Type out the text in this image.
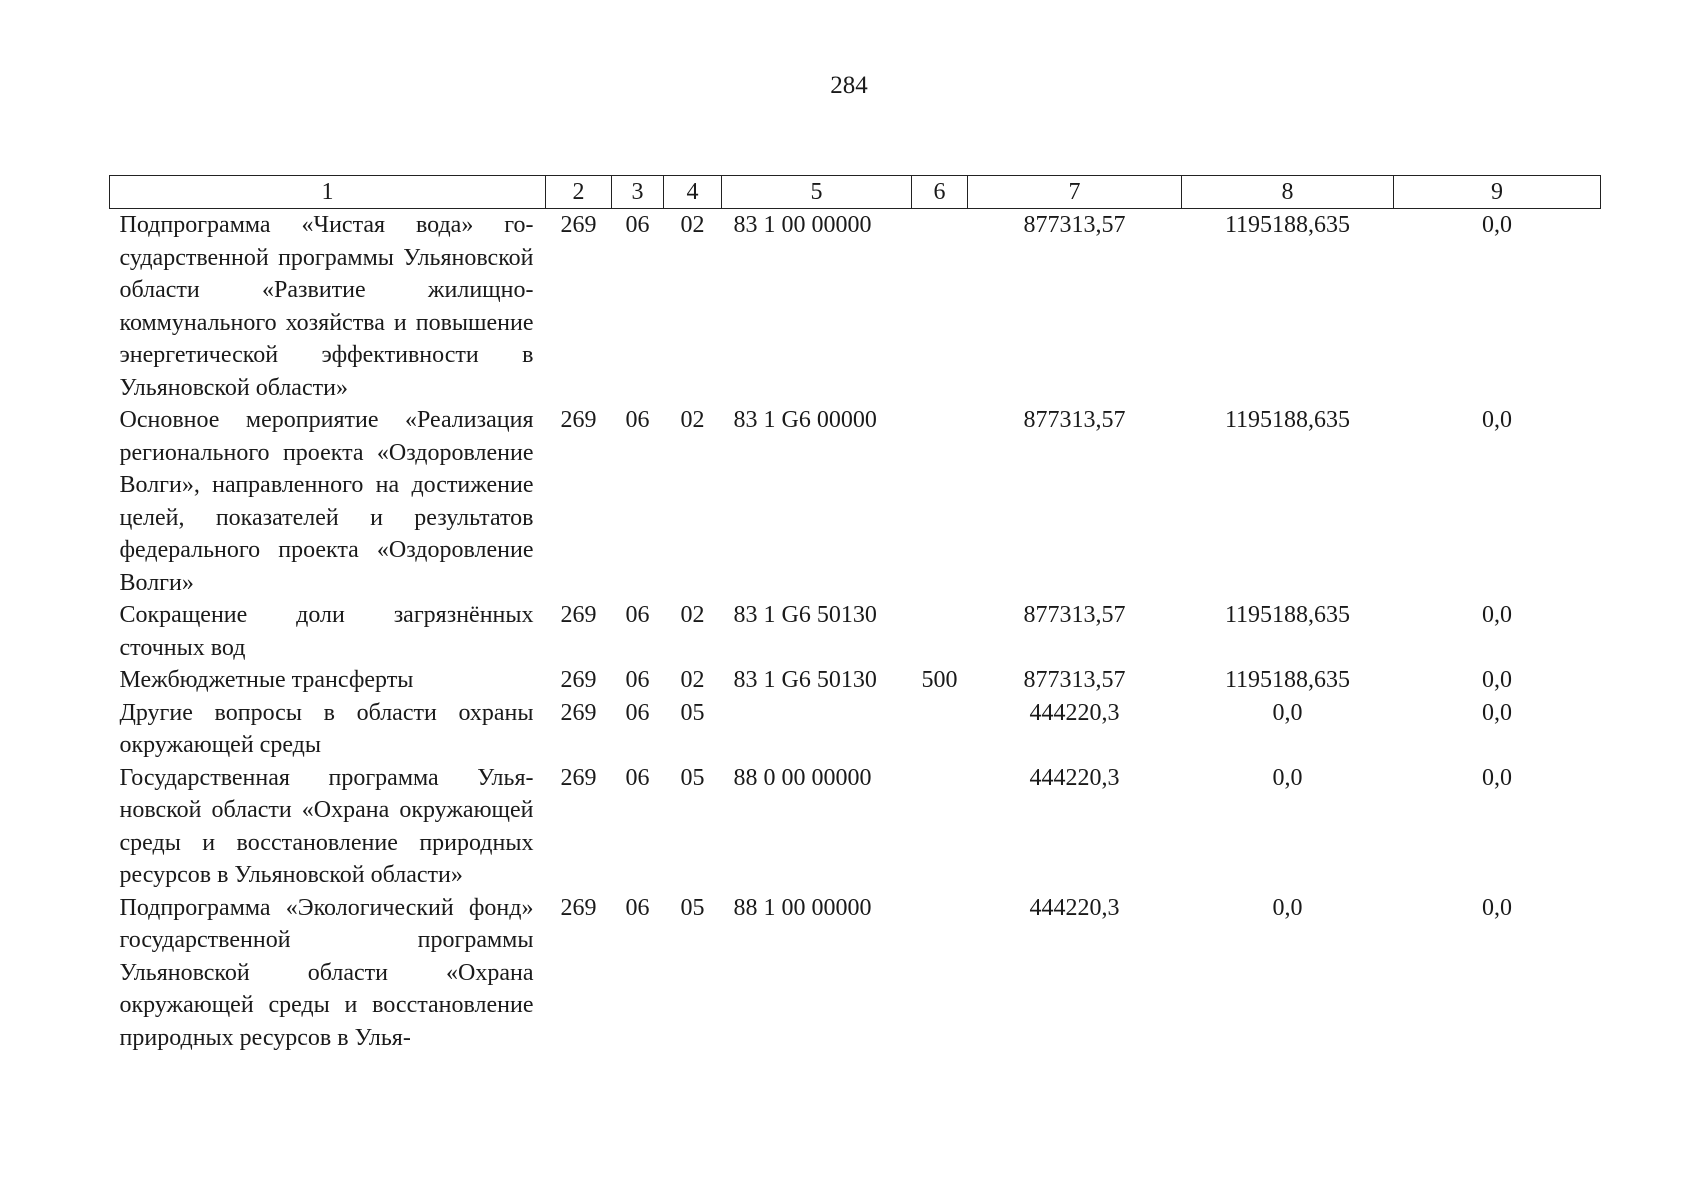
284
1	2	3	4	5	6	7	8	9
Подпрограмма «Чистая вода» государственной программы Ульяновской области «Развитие жилищно-коммунального хозяйства и повышение энергетической эффективности в Ульяновской области»	269	06	02	83 1 00 00000		877313,57	1195188,635	0,0
Основное мероприятие «Реализация регионального проекта «Оздоровление Волги», направленного на достижение целей, показателей и результатов федерального проекта «Оздоровление Волги»	269	06	02	83 1 G6 00000		877313,57	1195188,635	0,0
Сокращение доли загрязнённых сточных вод	269	06	02	83 1 G6 50130		877313,57	1195188,635	0,0
Межбюджетные трансферты	269	06	02	83 1 G6 50130	500	877313,57	1195188,635	0,0
Другие вопросы в области охраны окружающей среды	269	06	05			444220,3	0,0	0,0
Государственная программа Ульяновской области «Охрана окружающей среды и восстановление природных ресурсов в Ульяновской области»	269	06	05	88 0 00 00000		444220,3	0,0	0,0
Подпрограмма «Экологический фонд» государственной программы Ульяновской области «Охрана окружающей среды и восстановление природных ресурсов в Улья-	269	06	05	88 1 00 00000		444220,3	0,0	0,0
